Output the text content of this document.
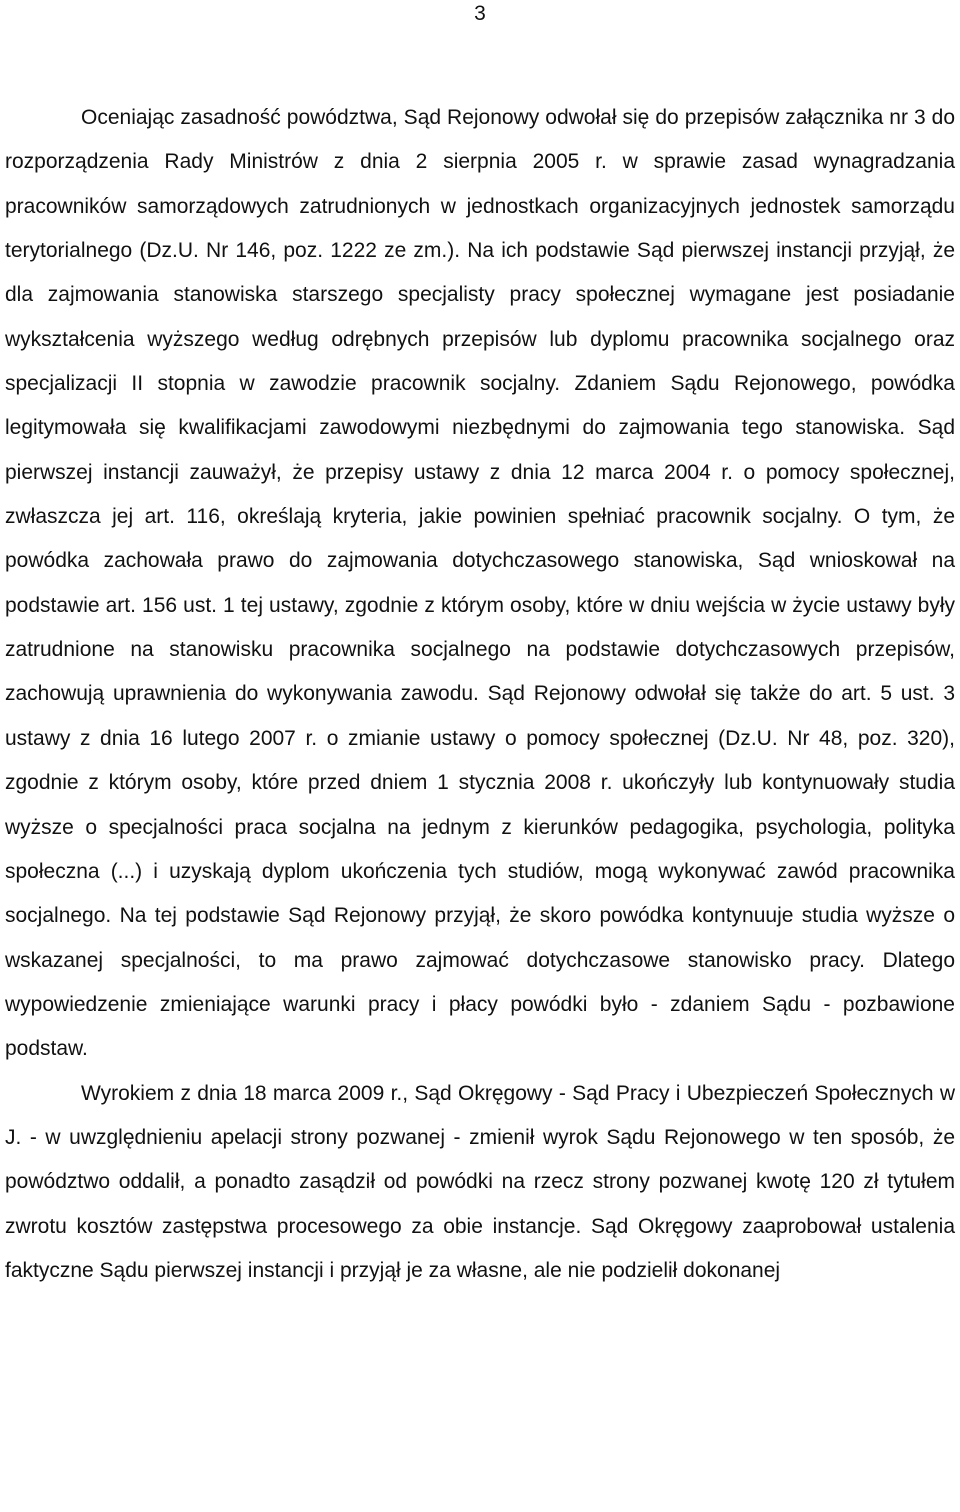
3

Oceniając zasadność powództwa, Sąd Rejonowy odwołał się do przepisów załącznika nr 3 do rozporządzenia Rady Ministrów z dnia 2 sierpnia 2005 r. w sprawie zasad wynagradzania pracowników samorządowych zatrudnionych w jednostkach organizacyjnych jednostek samorządu terytorialnego (Dz.U. Nr 146, poz. 1222 ze zm.). Na ich podstawie Sąd pierwszej instancji przyjął, że dla zajmowania stanowiska starszego specjalisty pracy społecznej wymagane jest posiadanie wykształcenia wyższego według odrębnych przepisów lub dyplomu pracownika socjalnego oraz specjalizacji II stopnia w zawodzie pracownik socjalny. Zdaniem Sądu Rejonowego, powódka legitymowała się kwalifikacjami zawodowymi niezbędnymi do zajmowania tego stanowiska. Sąd pierwszej instancji zauważył, że przepisy ustawy z dnia 12 marca 2004 r. o pomocy społecznej, zwłaszcza jej art. 116, określają kryteria, jakie powinien spełniać pracownik socjalny. O tym, że powódka zachowała prawo do zajmowania dotychczasowego stanowiska, Sąd wnioskował na podstawie art. 156 ust. 1 tej ustawy, zgodnie z którym osoby, które w dniu wejścia w życie ustawy były zatrudnione na stanowisku pracownika socjalnego na podstawie dotychczasowych przepisów, zachowują uprawnienia do wykonywania zawodu. Sąd Rejonowy odwołał się także do art. 5 ust. 3 ustawy z dnia 16 lutego 2007 r. o zmianie ustawy o pomocy społecznej (Dz.U. Nr 48, poz. 320), zgodnie z którym osoby, które przed dniem 1 stycznia 2008 r. ukończyły lub kontynuowały studia wyższe o specjalności praca socjalna na jednym z kierunków pedagogika, psychologia, polityka społeczna (...) i uzyskają dyplom ukończenia tych studiów, mogą wykonywać zawód pracownika socjalnego. Na tej podstawie Sąd Rejonowy przyjął, że skoro powódka kontynuuje studia wyższe o wskazanej specjalności, to ma prawo zajmować dotychczasowe stanowisko pracy. Dlatego wypowiedzenie zmieniające warunki pracy i płacy powódki było - zdaniem Sądu - pozbawione podstaw.

Wyrokiem z dnia 18 marca 2009 r., Sąd Okręgowy - Sąd Pracy i Ubezpieczeń Społecznych w J. - w uwzględnieniu apelacji strony pozwanej - zmienił wyrok Sądu Rejonowego w ten sposób, że powództwo oddalił, a ponadto zasądził od powódki na rzecz strony pozwanej kwotę 120 zł tytułem zwrotu kosztów zastępstwa procesowego za obie instancje. Sąd Okręgowy zaaprobował ustalenia faktyczne Sądu pierwszej instancji i przyjął je za własne, ale nie podzielił dokonanej
